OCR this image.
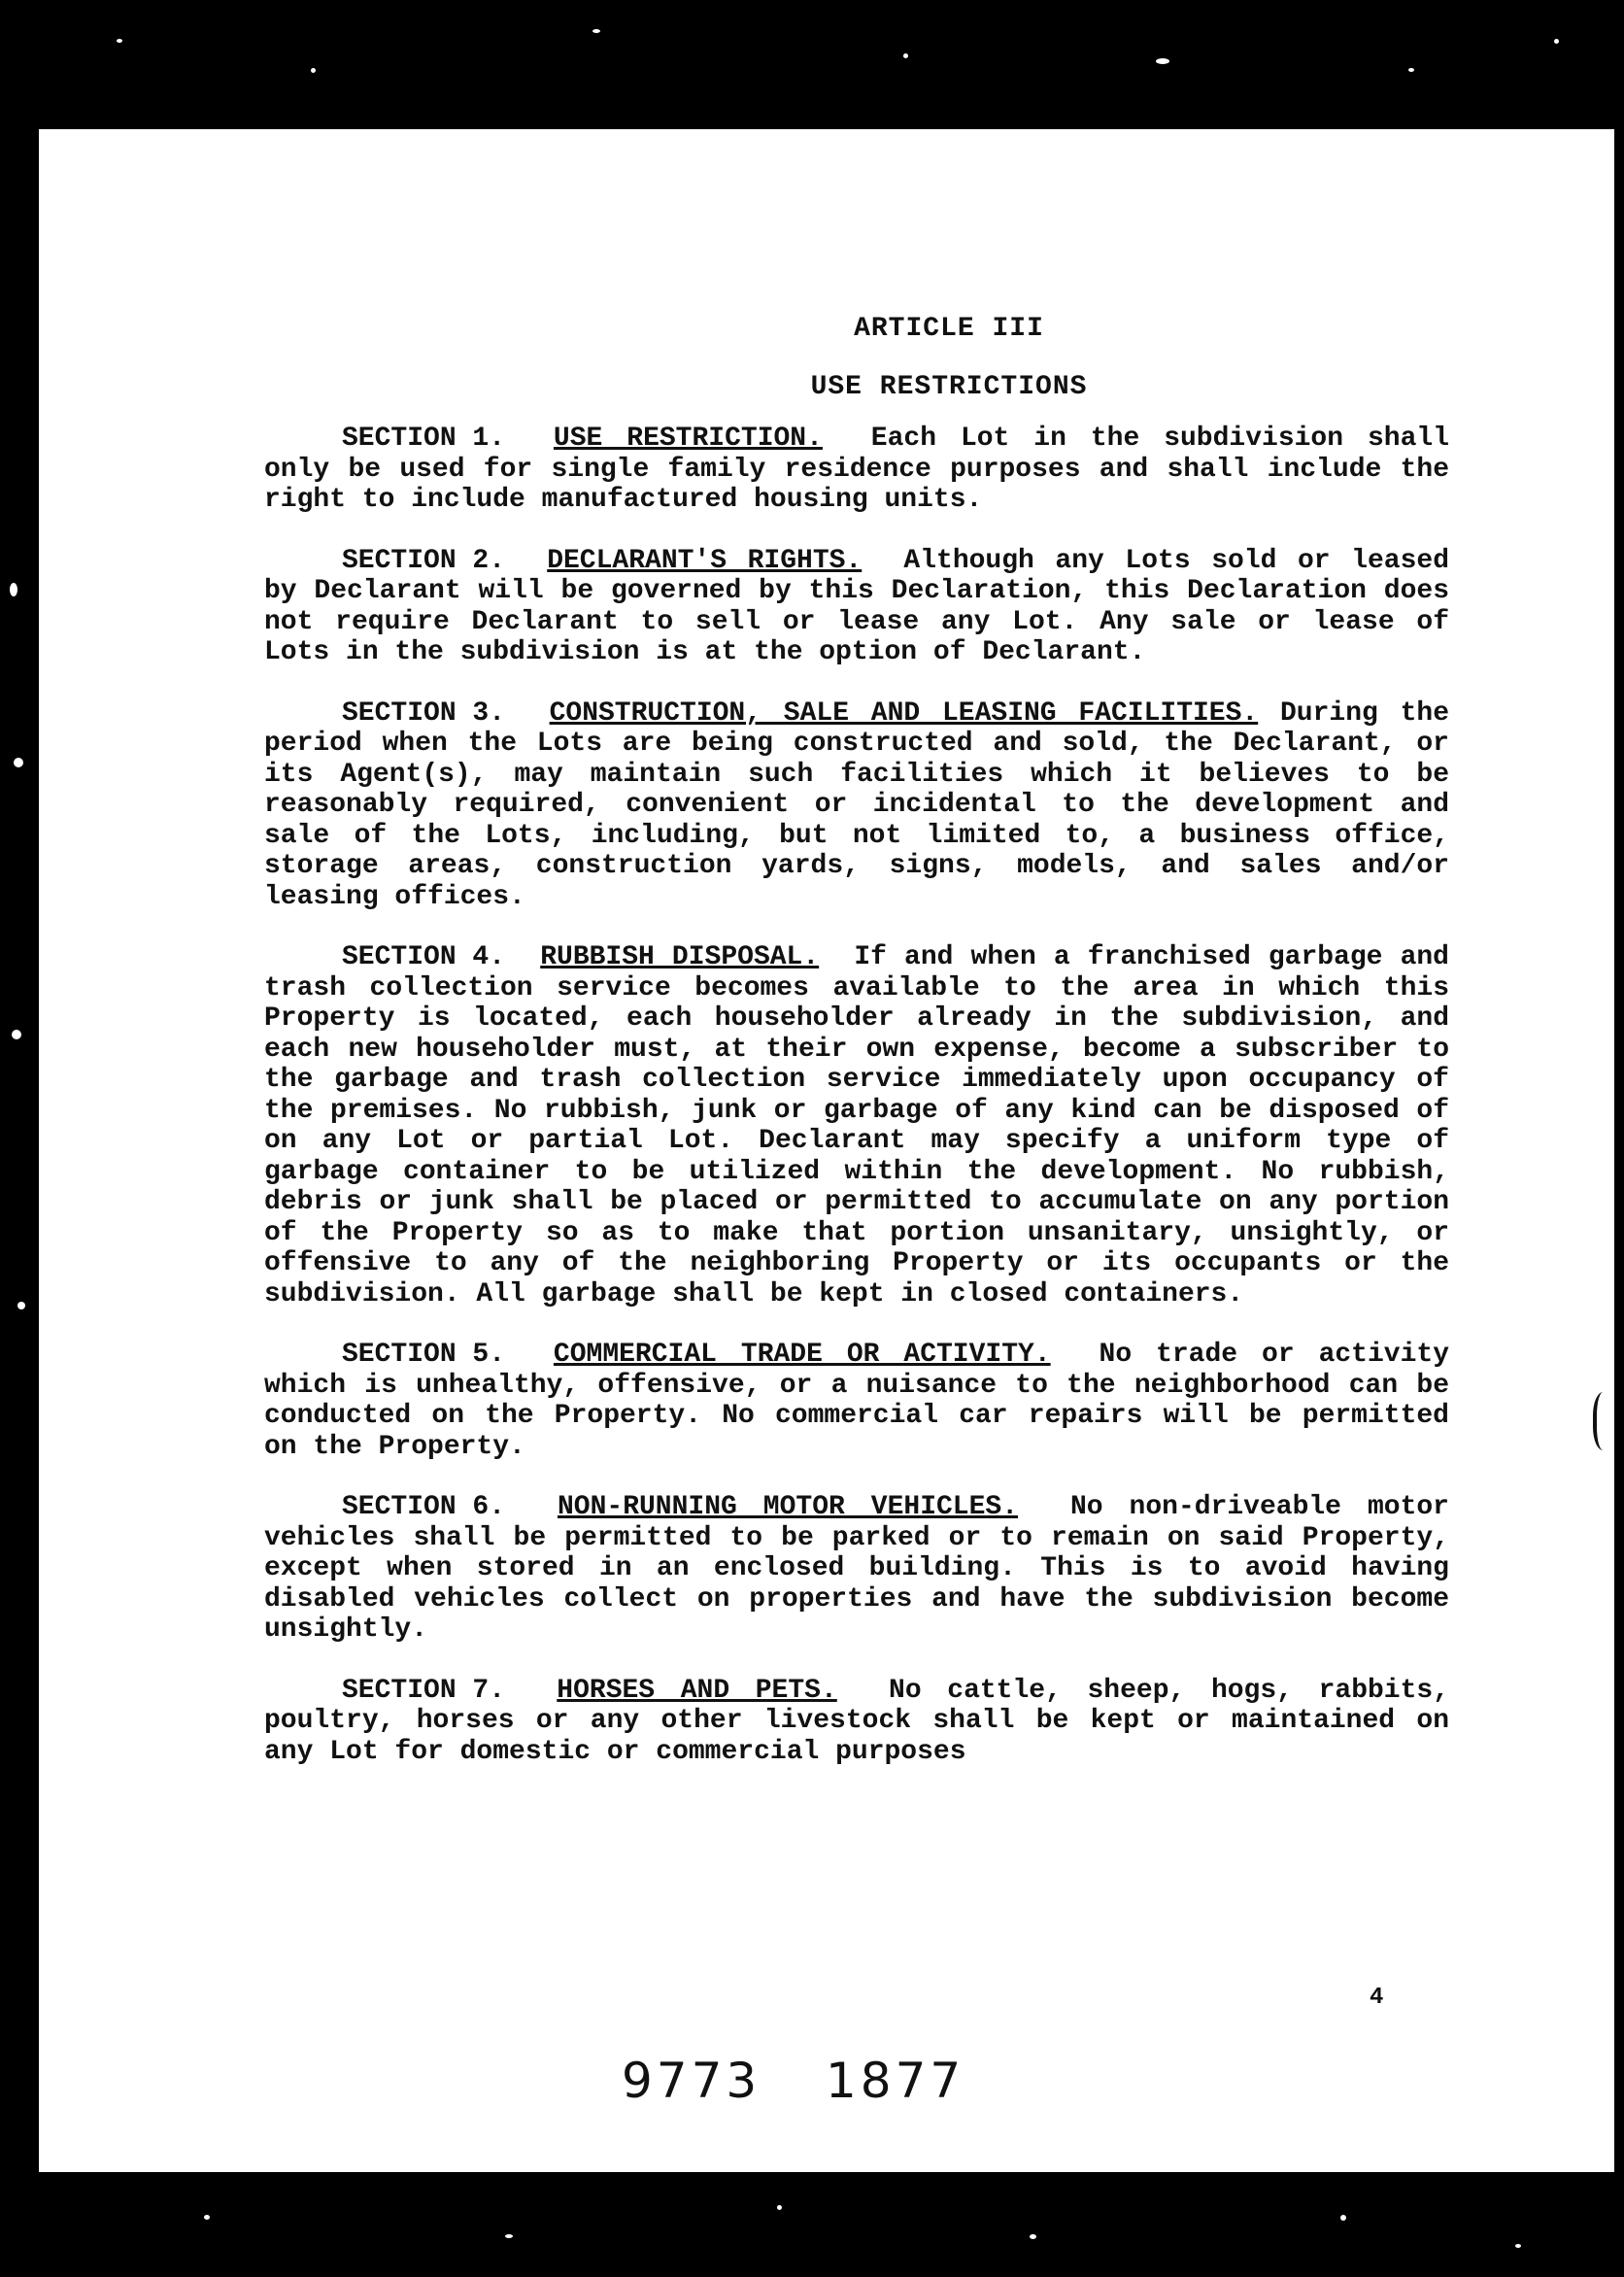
ARTICLE III

USE RESTRICTIONS

SECTION 1. USE RESTRICTION. Each Lot in the subdivision shall only be used for single family residence purposes and shall include the right to include manufactured housing units.

SECTION 2. DECLARANT'S RIGHTS. Although any Lots sold or leased by Declarant will be governed by this Declaration, this Declaration does not require Declarant to sell or lease any Lot. Any sale or lease of Lots in the subdivision is at the option of Declarant.

SECTION 3. CONSTRUCTION, SALE AND LEASING FACILITIES. During the period when the Lots are being constructed and sold, the Declarant, or its Agent(s), may maintain such facilities which it believes to be reasonably required, convenient or incidental to the development and sale of the Lots, including, but not limited to, a business office, storage areas, construction yards, signs, models, and sales and/or leasing offices.

SECTION 4. RUBBISH DISPOSAL. If and when a franchised garbage and trash collection service becomes available to the area in which this Property is located, each householder already in the subdivision, and each new householder must, at their own expense, become a subscriber to the garbage and trash collection service immediately upon occupancy of the premises. No rubbish, junk or garbage of any kind can be disposed of on any Lot or partial Lot. Declarant may specify a uniform type of garbage container to be utilized within the development. No rubbish, debris or junk shall be placed or permitted to accumulate on any portion of the Property so as to make that portion unsanitary, unsightly, or offensive to any of the neighboring Property or its occupants or the subdivision. All garbage shall be kept in closed containers.

SECTION 5. COMMERCIAL TRADE OR ACTIVITY. No trade or activity which is unhealthy, offensive, or a nuisance to the neighborhood can be conducted on the Property. No commercial car repairs will be permitted on the Property.

SECTION 6. NON-RUNNING MOTOR VEHICLES. No non-driveable motor vehicles shall be permitted to be parked or to remain on said Property, except when stored in an enclosed building. This is to avoid having disabled vehicles collect on properties and have the subdivision become unsightly.

SECTION 7. HORSES AND PETS. No cattle, sheep, hogs, rabbits, poultry, horses or any other livestock shall be kept or maintained on any Lot for domestic or commercial purposes

4
9773 1877
